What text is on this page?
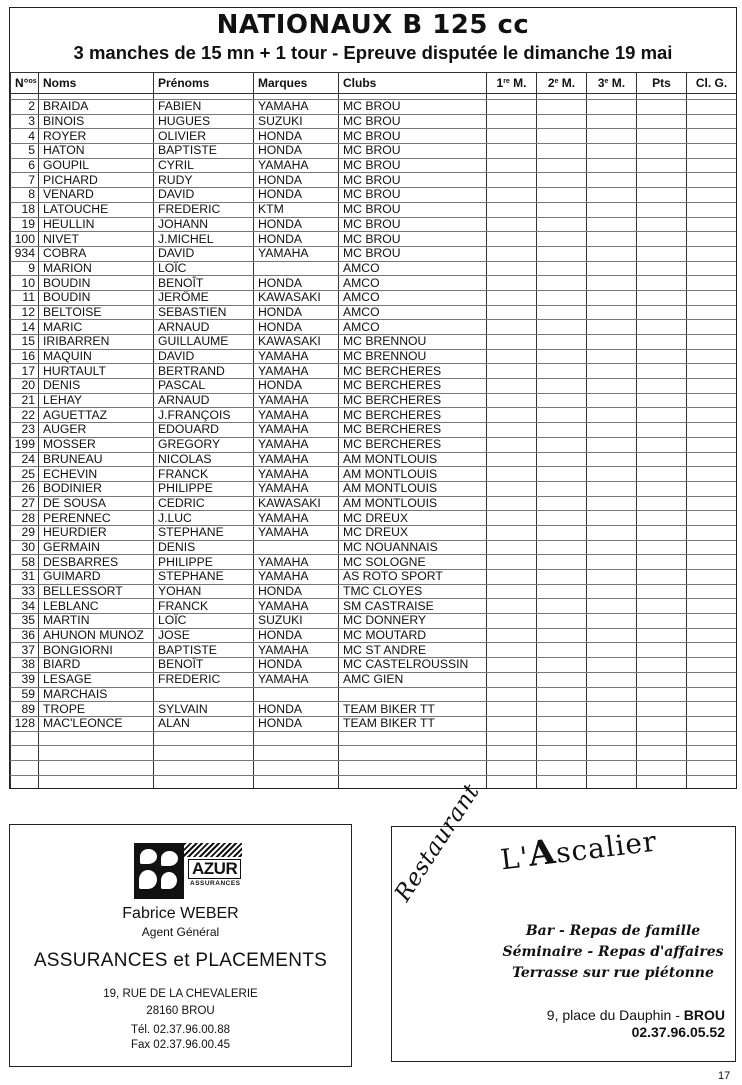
NATIONAUX B 125 cc
3 manches de 15 mn + 1 tour - Epreuve disputée le dimanche 19 mai
N°$^{os}$	Noms	Prénoms	Marques	Clubs	1re M.	2e M.	3e M.	Pts	Cl. G.

2	BRAIDA	FABIEN	YAMAHA	MC BROU					
3	BINOIS	HUGUES	SUZUKI	MC BROU					
4	ROYER	OLIVIER	HONDA	MC BROU					
5	HATON	BAPTISTE	HONDA	MC BROU					
6	GOUPIL	CYRIL	YAMAHA	MC BROU					
7	PICHARD	RUDY	HONDA	MC BROU					
8	VENARD	DAVID	HONDA	MC BROU					
18	LATOUCHE	FREDERIC	KTM	MC BROU					
19	HEULLIN	JOHANN	HONDA	MC BROU					
100	NIVET	J.MICHEL	HONDA	MC BROU					
934	COBRA	DAVID	YAMAHA	MC BROU					
9	MARION	LOÏC		AMCO					
10	BOUDIN	BENOÎT	HONDA	AMCO					
11	BOUDIN	JERÔME	KAWASAKI	AMCO					
12	BELTOISE	SEBASTIEN	HONDA	AMCO					
14	MARIC	ARNAUD	HONDA	AMCO					
15	IRIBARREN	GUILLAUME	KAWASAKI	MC BRENNOU					
16	MAQUIN	DAVID	YAMAHA	MC BRENNOU					
17	HURTAULT	BERTRAND	YAMAHA	MC BERCHERES					
20	DENIS	PASCAL	HONDA	MC BERCHERES					
21	LEHAY	ARNAUD	YAMAHA	MC BERCHERES					
22	AGUETTAZ	J.FRANÇOIS	YAMAHA	MC BERCHERES					
23	AUGER	EDOUARD	YAMAHA	MC BERCHERES					
199	MOSSER	GREGORY	YAMAHA	MC BERCHERES					
24	BRUNEAU	NICOLAS	YAMAHA	AM MONTLOUIS					
25	ECHEVIN	FRANCK	YAMAHA	AM MONTLOUIS					
26	BODINIER	PHILIPPE	YAMAHA	AM MONTLOUIS					
27	DE SOUSA	CEDRIC	KAWASAKI	AM MONTLOUIS					
28	PERENNEC	J.LUC	YAMAHA	MC DREUX					
29	HEURDIER	STEPHANE	YAMAHA	MC DREUX					
30	GERMAIN	DENIS		MC NOUANNAIS					
58	DESBARRES	PHILIPPE	YAMAHA	MC SOLOGNE					
31	GUIMARD	STEPHANE	YAMAHA	AS ROTO SPORT					
33	BELLESSORT	YOHAN	HONDA	TMC CLOYES					
34	LEBLANC	FRANCK	YAMAHA	SM CASTRAISE					
35	MARTIN	LOÏC	SUZUKI	MC DONNERY					
36	AHUNON MUNOZ	JOSE	HONDA	MC MOUTARD					
37	BONGIORNI	BAPTISTE	YAMAHA	MC ST ANDRE					
38	BIARD	BENOÎT	HONDA	MC CASTELROUSSIN					
39	LESAGE	FREDERIC	YAMAHA	AMC GIEN					
59	MARCHAIS								
89	TROPE	SYLVAIN	HONDA	TEAM BIKER TT					
128	MAC'LEONCE	ALAN	HONDA	TEAM BIKER TT					

AZUR
ASSURANCES
Fabrice WEBER
Agent Général
ASSURANCES et PLACEMENTS
19, RUE DE LA CHEVALERIE
28160 BROU
Tél. 02.37.96.00.88
Fax 02.37.96.00.45
Restaurant L'Ascalier
Bar - Repas de famille
Séminaire - Repas d'affaires
Terrasse sur rue piétonne
9, place du Dauphin - BROU
02.37.96.05.52
17
